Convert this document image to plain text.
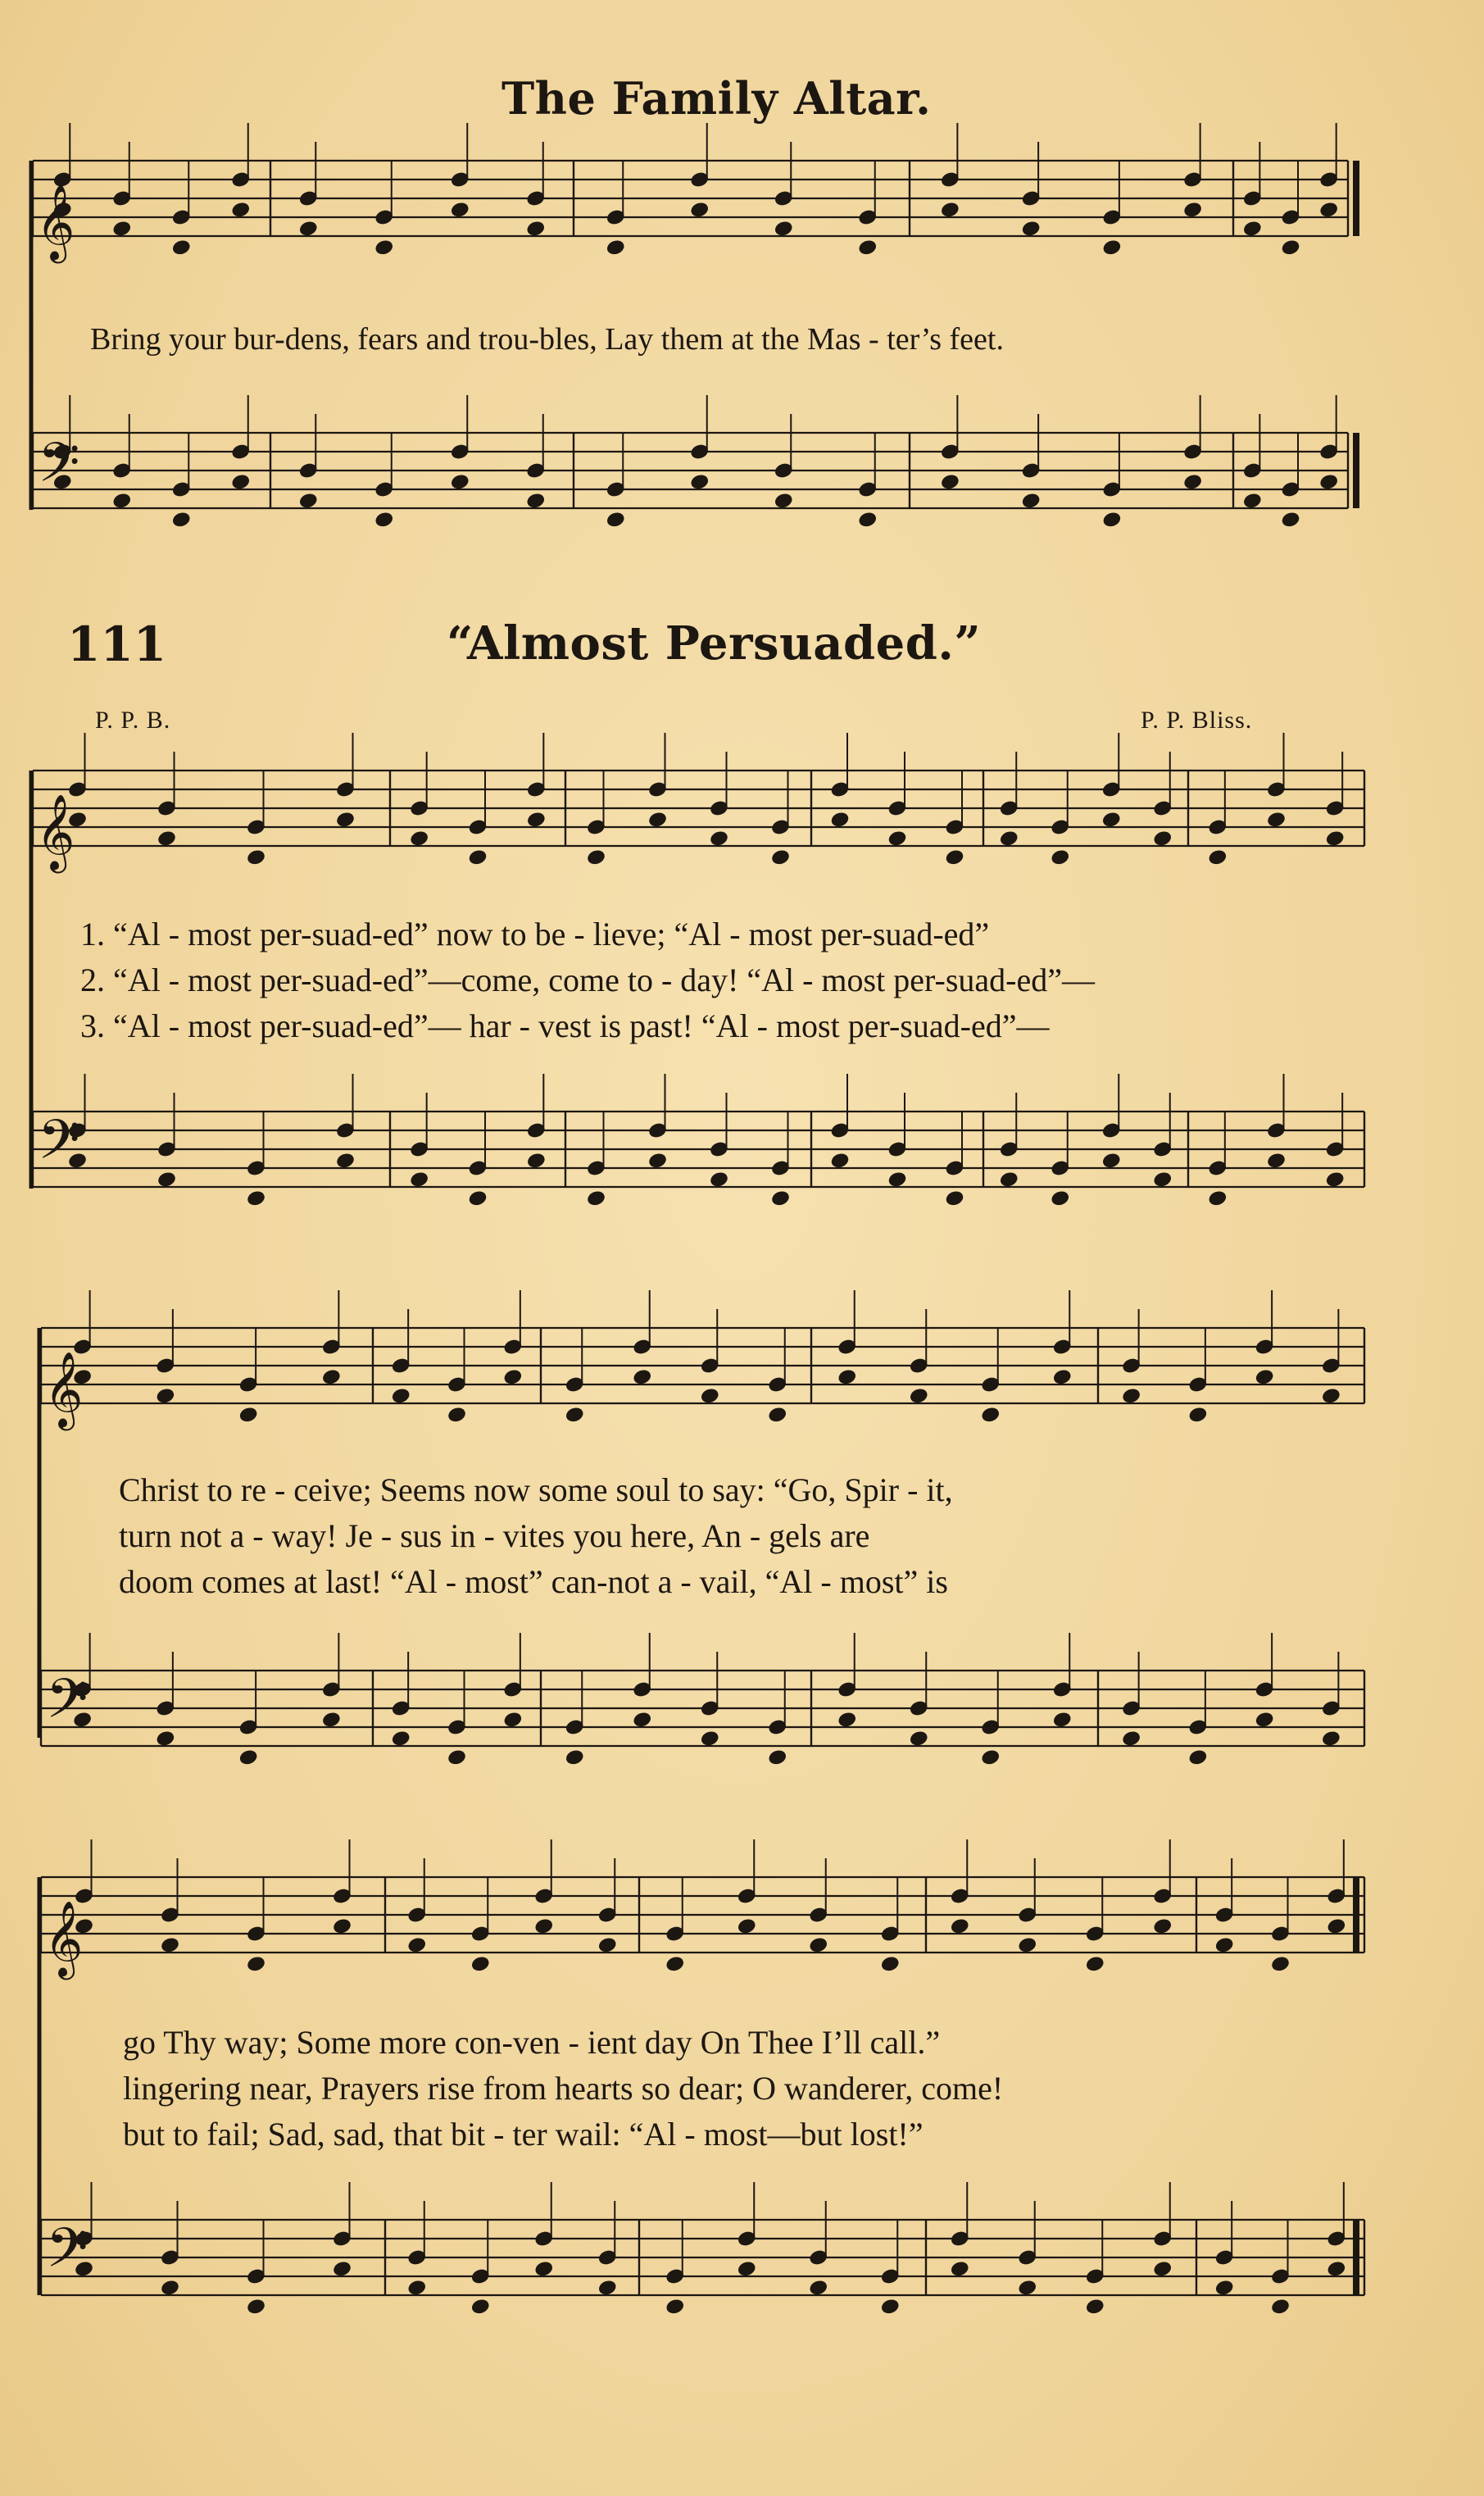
The Family Altar.
𝄞
𝄢
𝄞
𝄢
𝄞
𝄢
𝄞
𝄢
Bring your bur-dens, fears and trou-bles, Lay them at the Mas - ter’s feet.
111	“Almost Persuaded.”
P. P. B.	P. P. Bliss.
1. “Al - most per-suad-ed” now to be - lieve; “Al - most per-suad-ed”
2. “Al - most per-suad-ed”—come, come to - day! “Al - most per-suad-ed”—
3. “Al - most per-suad-ed”— har - vest is past! “Al - most per-suad-ed”—
Christ to re - ceive; Seems now some soul to say: “Go, Spir - it,
turn not a - way! Je - sus in - vites you here, An - gels are
doom comes at last! “Al - most” can-not a - vail, “Al - most” is
go Thy way; Some more con-ven - ient day On Thee I’ll call.”
lingering near, Prayers rise from hearts so dear; O wanderer, come!
but to fail; Sad, sad, that bit - ter wail: “Al - most—but lost!”
